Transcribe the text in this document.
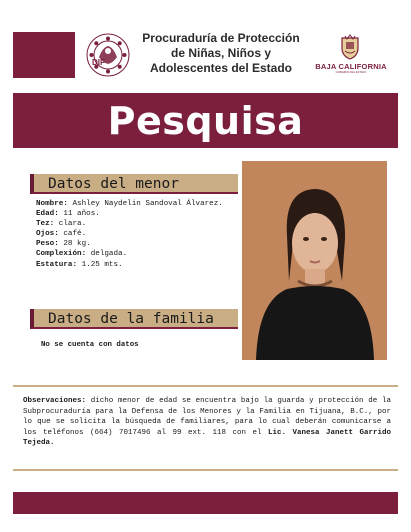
DIF
Procuraduría de Protección
de Niñas, Niños y
Adolescentes del Estado	BAJA CALIFORNIA
GOBIERNO DEL ESTADO
Pesquisa
Datos del menor
Nombre: Ashley Naydelin Sandoval Álvarez.
Edad: 11 años.
Tez: clara.
Ojos: café.
Peso: 28 kg.
Complexión: delgada.
Estatura: 1.25 mts.
Datos de la familia
No se cuenta con datos
Observaciones: dicho menor de edad se encuentra bajo la guarda y protección de la Subprocuraduría para la Defensa de los Menores y la Familia en Tijuana, B.C., por lo que se solicita la búsqueda de familiares, para lo cual deberán comunicarse a los teléfonos (664) 7017496 al 99 ext. 118 con el Lic. Vanesa Janett Garrido Tejeda.
